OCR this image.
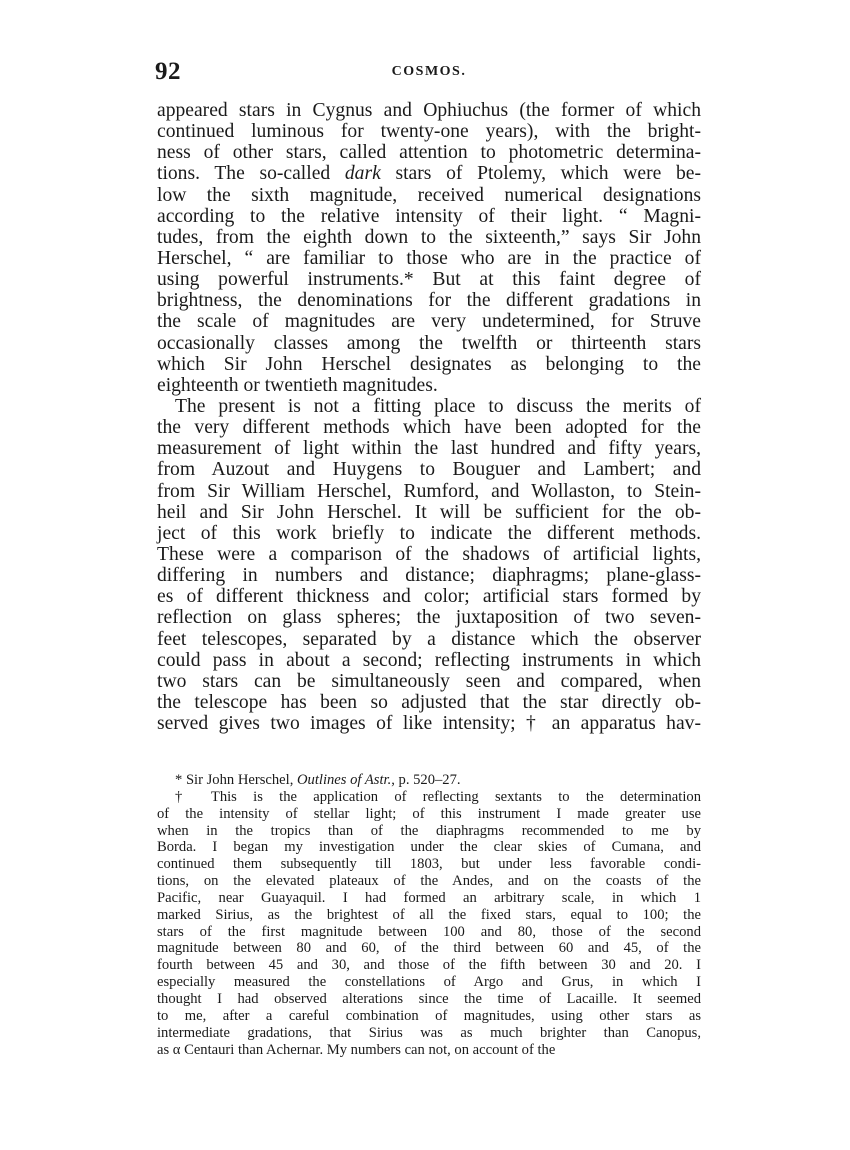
92	COSMOS.
appeared stars in Cygnus and Ophiuchus (the former of which
continued luminous for twenty-one years), with the bright-
ness of other stars, called attention to photometric determina-
tions. The so-called dark stars of Ptolemy, which were be-
low the sixth magnitude, received numerical designations
according to the relative intensity of their light. “ Magni-
tudes, from the eighth down to the sixteenth,” says Sir John
Herschel, “ are familiar to those who are in the practice of
using powerful instruments.* But at this faint degree of
brightness, the denominations for the different gradations in
the scale of magnitudes are very undetermined, for Struve
occasionally classes among the twelfth or thirteenth stars
which Sir John Herschel designates as belonging to the
eighteenth or twentieth magnitudes.
The present is not a fitting place to discuss the merits of
the very different methods which have been adopted for the
measurement of light within the last hundred and fifty years,
from Auzout and Huygens to Bouguer and Lambert; and
from Sir William Herschel, Rumford, and Wollaston, to Stein-
heil and Sir John Herschel. It will be sufficient for the ob-
ject of this work briefly to indicate the different methods.
These were a comparison of the shadows of artificial lights,
differing in numbers and distance; diaphragms; plane-glass-
es of different thickness and color; artificial stars formed by
reflection on glass spheres; the juxtaposition of two seven-
feet telescopes, separated by a distance which the observer
could pass in about a second; reflecting instruments in which
two stars can be simultaneously seen and compared, when
the telescope has been so adjusted that the star directly ob-
served gives two images of like intensity; † an apparatus hav-
* Sir John Herschel, Outlines of Astr., p. 520–27.
† This is the application of reflecting sextants to the determination
of the intensity of stellar light; of this instrument I made greater use
when in the tropics than of the diaphragms recommended to me by
Borda. I began my investigation under the clear skies of Cumana, and
continued them subsequently till 1803, but under less favorable condi-
tions, on the elevated plateaux of the Andes, and on the coasts of the
Pacific, near Guayaquil. I had formed an arbitrary scale, in which 1
marked Sirius, as the brightest of all the fixed stars, equal to 100; the
stars of the first magnitude between 100 and 80, those of the second
magnitude between 80 and 60, of the third between 60 and 45, of the
fourth between 45 and 30, and those of the fifth between 30 and 20. I
especially measured the constellations of Argo and Grus, in which I
thought I had observed alterations since the time of Lacaille. It seemed
to me, after a careful combination of magnitudes, using other stars as
intermediate gradations, that Sirius was as much brighter than Canopus,
as α Centauri than Achernar. My numbers can not, on account of the
